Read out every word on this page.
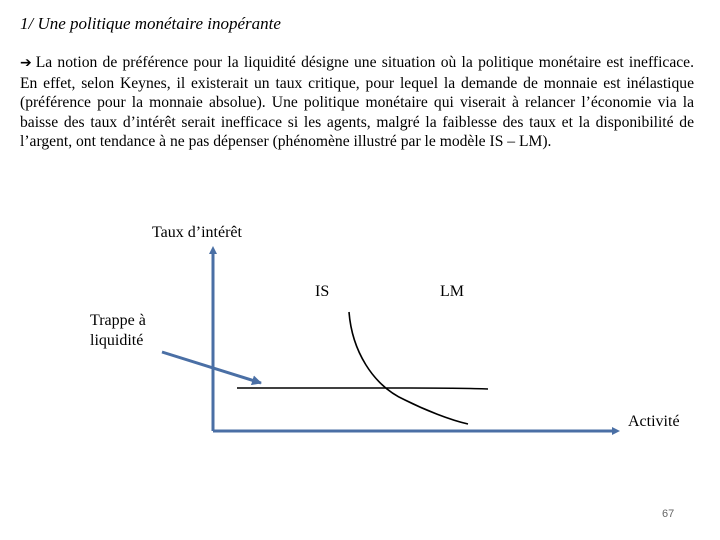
1/ Une politique monétaire inopérante

➔ La notion de préférence pour la liquidité désigne une situation où la politique monétaire est inefficace. En effet, selon Keynes, il existerait un taux critique, pour lequel la demande de monnaie est inélastique (préférence pour la monnaie absolue). Une politique monétaire qui viserait à relancer l’économie via la baisse des taux d’intérêt serait inefficace si les agents, malgré la faiblesse des taux et la disponibilité de l’argent, ont tendance à ne pas dépenser (phénomène illustré par le modèle IS – LM).

Taux d’intérêt
IS	LM
Trappe à
liquidité
Activité
67
